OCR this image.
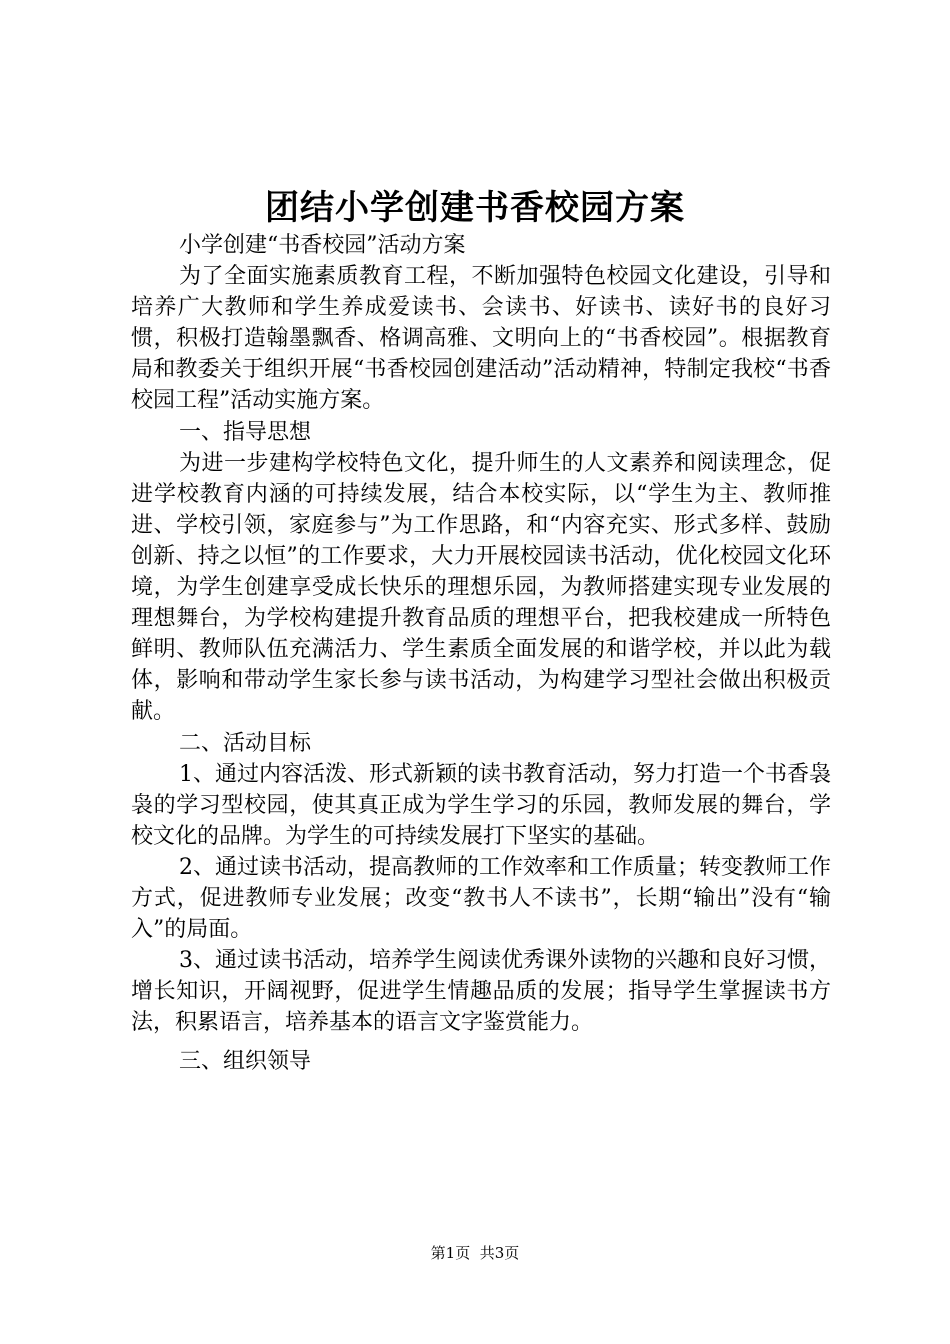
团结小学创建书香校园方案

小学创建“书香校园”活动方案

为了全面实施素质教育工程，不断加强特色校园文化建设，引导和培养广大教师和学生养成爱读书、会读书、好读书、读好书的良好习惯，积极打造翰墨飘香、格调高雅、文明向上的“书香校园”。根据教育局和教委关于组织开展“书香校园创建活动”活动精神，特制定我校“书香校园工程”活动实施方案。

一、指导思想

为进一步建构学校特色文化，提升师生的人文素养和阅读理念，促进学校教育内涵的可持续发展，结合本校实际，以“学生为主、教师推进、学校引领，家庭参与”为工作思路，和“内容充实、形式多样、鼓励创新、持之以恒”的工作要求，大力开展校园读书活动，优化校园文化环境，为学生创建享受成长快乐的理想乐园，为教师搭建实现专业发展的理想舞台，为学校构建提升教育品质的理想平台，把我校建成一所特色鲜明、教师队伍充满活力、学生素质全面发展的和谐学校，并以此为载体，影响和带动学生家长参与读书活动，为构建学习型社会做出积极贡献。

二、活动目标

1、通过内容活泼、形式新颖的读书教育活动，努力打造一个书香袅袅的学习型校园，使其真正成为学生学习的乐园，教师发展的舞台，学校文化的品牌。为学生的可持续发展打下坚实的基础。

2、通过读书活动，提高教师的工作效率和工作质量；转变教师工作方式，促进教师专业发展；改变“教书人不读书”，长期“输出”没有“输入”的局面。

3、通过读书活动，培养学生阅读优秀课外读物的兴趣和良好习惯，增长知识，开阔视野，促进学生情趣品质的发展；指导学生掌握读书方法，积累语言，培养基本的语言文字鉴赏能力。

三、组织领导

第1页 共3页
